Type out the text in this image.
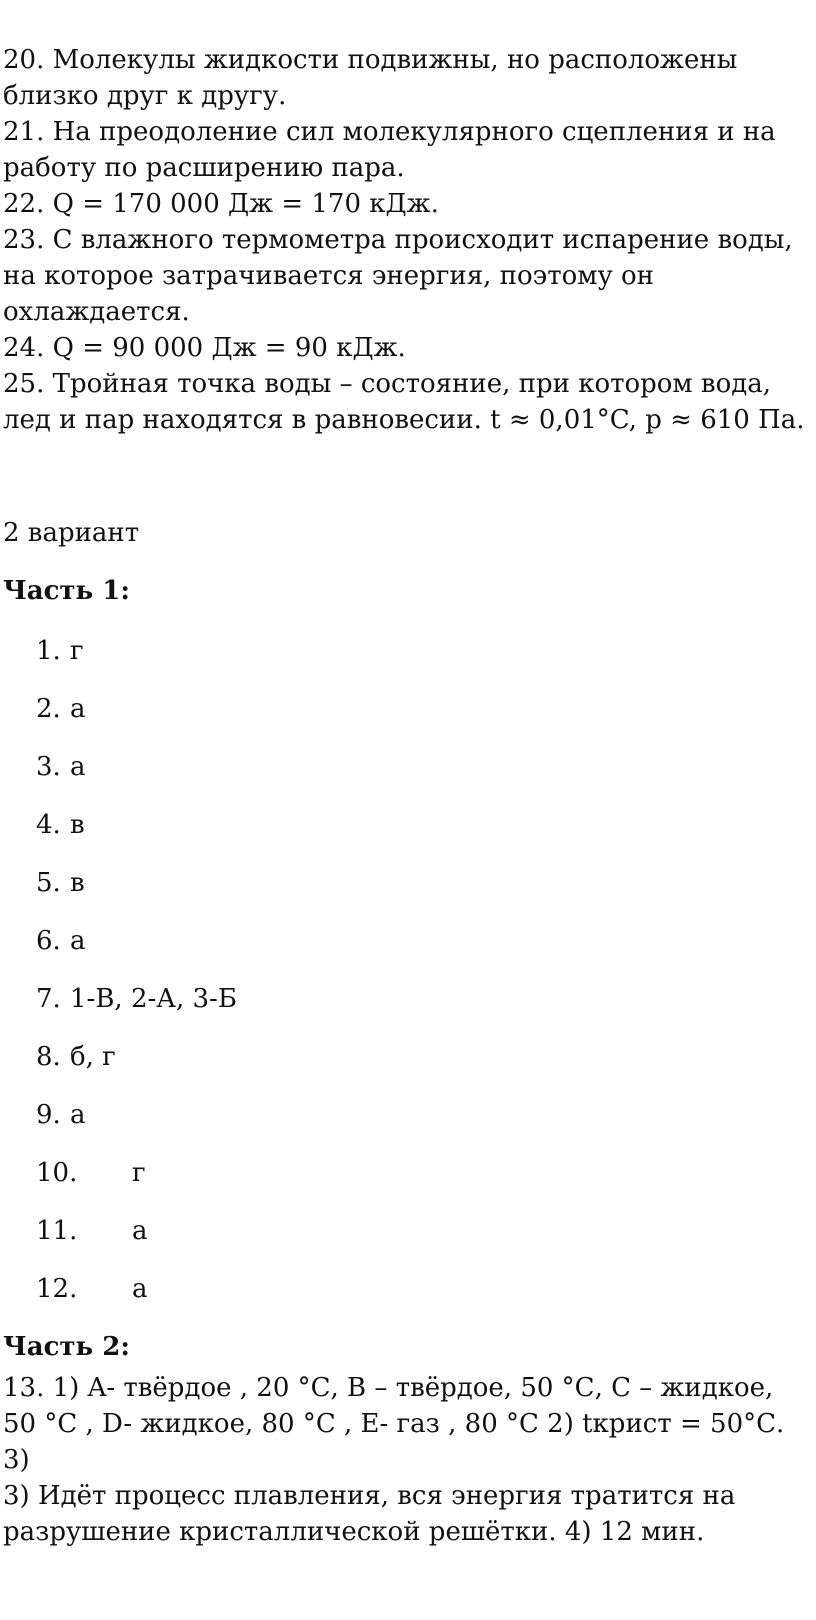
20. Молекулы жидкости подвижны, но расположены
близко друг к другу.

21. На преодоление сил молекулярного сцепления и на
работу по расширению пара.

22. Q = 170 000 Дж = 170 кДж.

23. С влажного термометра происходит испарение воды,
на которое затрачивается энергия, поэтому он
охлаждается.

24. Q = 90 000 Дж = 90 кДж.

25. Тройная точка воды – состояние, при котором вода,
лед и пар находятся в равновесии. t ≈ 0,01°C, p ≈ 610 Па.

2 вариант
Часть 1:
1. г
2. а
3. а
4. в
5. в
6. а
7. 1-В, 2-А, 3-Б
8. б, г
9. а
10. г
11. а
12. а
Часть 2:

13. 1) A- твёрдое , 20 °С, В – твёрдое, 50 °С, С – жидкое,
50 °С , D- жидкое, 80 °С , Е- газ , 80 °С 2) tкрист = 50°С. 3)
3) Идёт процесс плавления, вся энергия тратится на
разрушение кристаллической решётки. 4) 12 мин.
